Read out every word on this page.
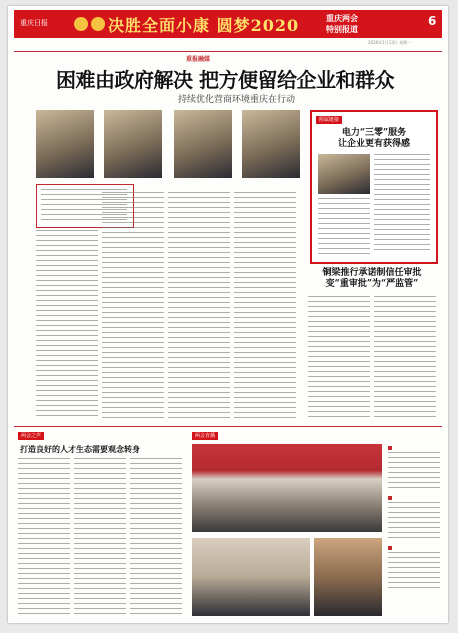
重庆日报	决胜全面小康 圆梦2020	重庆两会
特别报道
6
2020年1月13日 星期一
重报融媒
困难由政府解决 把方便留给企业和群众
持续优化营商环境重庆在行动
附属链接
电力“三零”服务
让企业更有获得感
铜梁推行承诺制信任审批
变“重审批”为“严监管”
两会之声
打造良好的人才生态需要观念转身
两会直播
